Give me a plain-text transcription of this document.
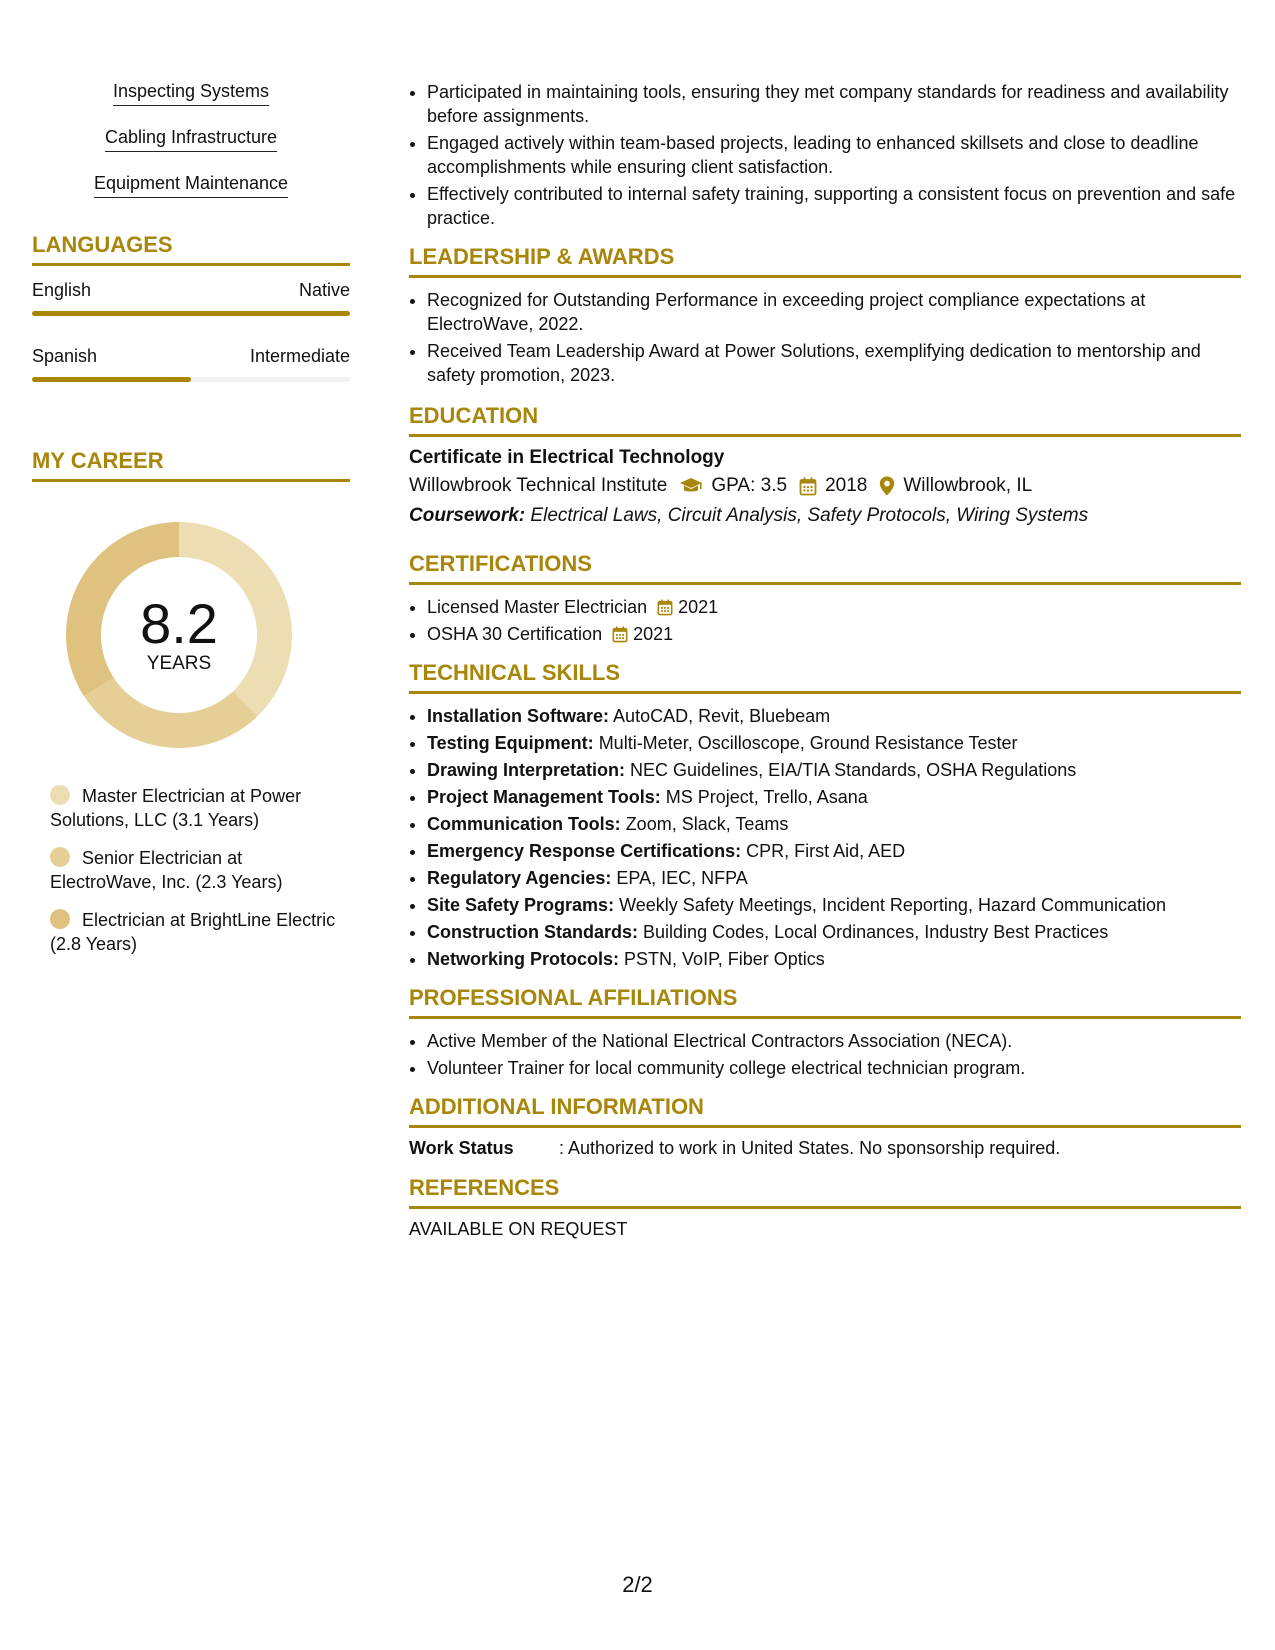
Inspecting Systems
Cabling Infrastructure
Equipment Maintenance
LANGUAGES
English	Native
Spanish	Intermediate
MY CAREER
8.2
YEARS
Master Electrician at Power Solutions, LLC (3.1 Years)
Senior Electrician at ElectroWave, Inc. (2.3 Years)
Electrician at BrightLine Electric (2.8 Years)
• Participated in maintaining tools, ensuring they met company standards for readiness and availability before assignments.
• Engaged actively within team-based projects, leading to enhanced skillsets and close to deadline accomplishments while ensuring client satisfaction.
• Effectively contributed to internal safety training, supporting a consistent focus on prevention and safe practice.
LEADERSHIP & AWARDS
• Recognized for Outstanding Performance in exceeding project compliance expectations at ElectroWave, 2022.
• Received Team Leadership Award at Power Solutions, exemplifying dedication to mentorship and safety promotion, 2023.
EDUCATION
Certificate in Electrical Technology
Willowbrook Technical Institute GPA: 3.5 2018 Willowbrook, IL
Coursework: Electrical Laws, Circuit Analysis, Safety Protocols, Wiring Systems
CERTIFICATIONS
• Licensed Master Electrician 2021
• OSHA 30 Certification 2021
TECHNICAL SKILLS
• Installation Software: AutoCAD, Revit, Bluebeam
• Testing Equipment: Multi-Meter, Oscilloscope, Ground Resistance Tester
• Drawing Interpretation: NEC Guidelines, EIA/TIA Standards, OSHA Regulations
• Project Management Tools: MS Project, Trello, Asana
• Communication Tools: Zoom, Slack, Teams
• Emergency Response Certifications: CPR, First Aid, AED
• Regulatory Agencies: EPA, IEC, NFPA
• Site Safety Programs: Weekly Safety Meetings, Incident Reporting, Hazard Communication
• Construction Standards: Building Codes, Local Ordinances, Industry Best Practices
• Networking Protocols: PSTN, VoIP, Fiber Optics
PROFESSIONAL AFFILIATIONS
• Active Member of the National Electrical Contractors Association (NECA).
• Volunteer Trainer for local community college electrical technician program.
ADDITIONAL INFORMATION
Work Status	: Authorized to work in United States. No sponsorship required.
REFERENCES
AVAILABLE ON REQUEST
2/2
